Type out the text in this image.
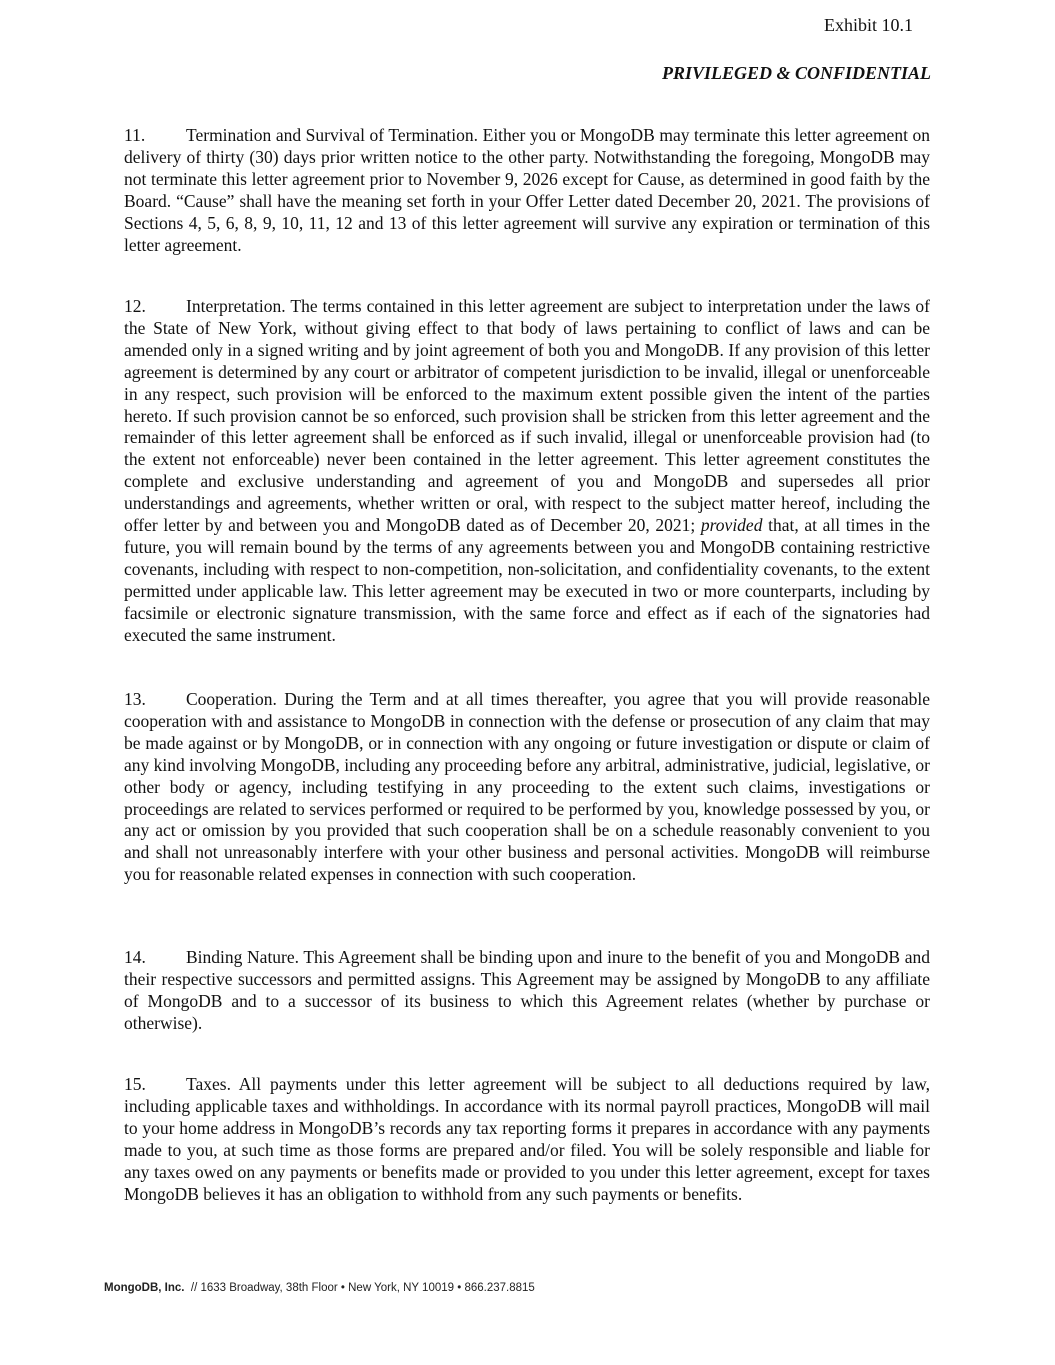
Exhibit 10.1
PRIVILEGED & CONFIDENTIAL

11. Termination and Survival of Termination. Either you or MongoDB may terminate this letter agreement on delivery of thirty (30) days prior written notice to the other party. Notwithstanding the foregoing, MongoDB may not terminate this letter agreement prior to November 9, 2026 except for Cause, as determined in good faith by the Board. “Cause” shall have the meaning set forth in your Offer Letter dated December 20, 2021. The provisions of Sections 4, 5, 6, 8, 9, 10, 11, 12 and 13 of this letter agreement will survive any expiration or termination of this letter agreement.

12. Interpretation. The terms contained in this letter agreement are subject to interpretation under the laws of the State of New York, without giving effect to that body of laws pertaining to conflict of laws and can be amended only in a signed writing and by joint agreement of both you and MongoDB. If any provision of this letter agreement is determined by any court or arbitrator of competent jurisdiction to be invalid, illegal or unenforceable in any respect, such provision will be enforced to the maximum extent possible given the intent of the parties hereto. If such provision cannot be so enforced, such provision shall be stricken from this letter agreement and the remainder of this letter agreement shall be enforced as if such invalid, illegal or unenforceable provision had (to the extent not enforceable) never been contained in the letter agreement. This letter agreement constitutes the complete and exclusive understanding and agreement of you and MongoDB and supersedes all prior understandings and agreements, whether written or oral, with respect to the subject matter hereof, including the offer letter by and between you and MongoDB dated as of December 20, 2021; provided that, at all times in the future, you will remain bound by the terms of any agreements between you and MongoDB containing restrictive covenants, including with respect to non-competition, non-solicitation, and confidentiality covenants, to the extent permitted under applicable law. This letter agreement may be executed in two or more counterparts, including by facsimile or electronic signature transmission, with the same force and effect as if each of the signatories had executed the same instrument.

13. Cooperation. During the Term and at all times thereafter, you agree that you will provide reasonable cooperation with and assistance to MongoDB in connection with the defense or prosecution of any claim that may be made against or by MongoDB, or in connection with any ongoing or future investigation or dispute or claim of any kind involving MongoDB, including any proceeding before any arbitral, administrative, judicial, legislative, or other body or agency, including testifying in any proceeding to the extent such claims, investigations or proceedings are related to services performed or required to be performed by you, knowledge possessed by you, or any act or omission by you provided that such cooperation shall be on a schedule reasonably convenient to you and shall not unreasonably interfere with your other business and personal activities. MongoDB will reimburse you for reasonable related expenses in connection with such cooperation.

14. Binding Nature. This Agreement shall be binding upon and inure to the benefit of you and MongoDB and their respective successors and permitted assigns. This Agreement may be assigned by MongoDB to any affiliate of MongoDB and to a successor of its business to which this Agreement relates (whether by purchase or otherwise).

15. Taxes. All payments under this letter agreement will be subject to all deductions required by law, including applicable taxes and withholdings. In accordance with its normal payroll practices, MongoDB will mail to your home address in MongoDB’s records any tax reporting forms it prepares in accordance with any payments made to you, at such time as those forms are prepared and/or filed. You will be solely responsible and liable for any taxes owed on any payments or benefits made or provided to you under this letter agreement, except for taxes MongoDB believes it has an obligation to withhold from any such payments or benefits.

MongoDB, Inc. // 1633 Broadway, 38th Floor • New York, NY 10019 • 866.237.8815
